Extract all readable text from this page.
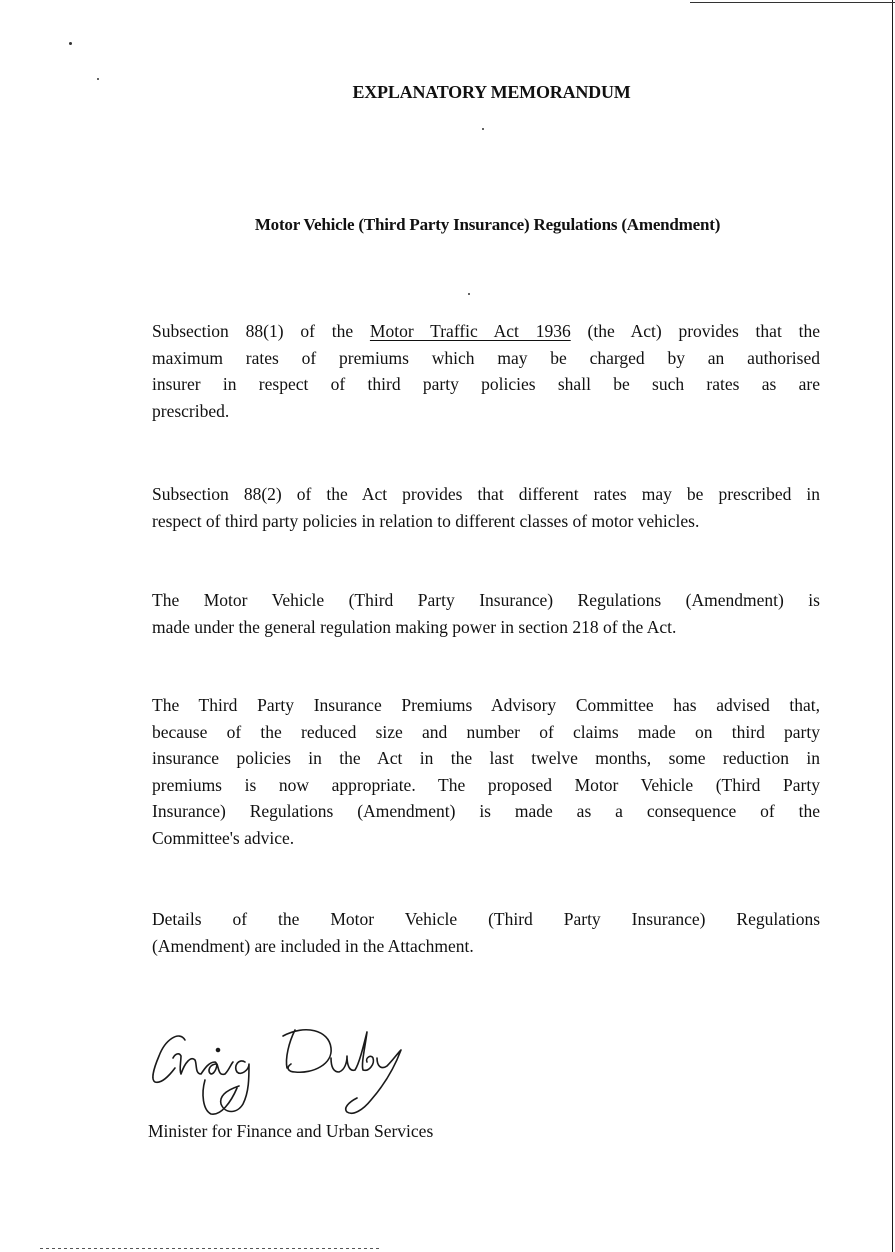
EXPLANATORY MEMORANDUM
Motor Vehicle (Third Party Insurance) Regulations (Amendment)

Subsection 88(1) of the Motor Traffic Act 1936 (the Act) provides that the
maximum rates of premiums which may be charged by an authorised
insurer in respect of third party policies shall be such rates as are
prescribed.

Subsection 88(2) of the Act provides that different rates may be prescribed in
respect of third party policies in relation to different classes of motor vehicles.

The Motor Vehicle (Third Party Insurance) Regulations (Amendment) is
made under the general regulation making power in section 218 of the Act.

The Third Party Insurance Premiums Advisory Committee has advised that,
because of the reduced size and number of claims made on third party
insurance policies in the Act in the last twelve months, some reduction in
premiums is now appropriate. The proposed Motor Vehicle (Third Party
Insurance) Regulations (Amendment) is made as a consequence of the
Committee's advice.

Details of the Motor Vehicle (Third Party Insurance) Regulations
(Amendment) are included in the Attachment.

Minister for Finance and Urban Services
